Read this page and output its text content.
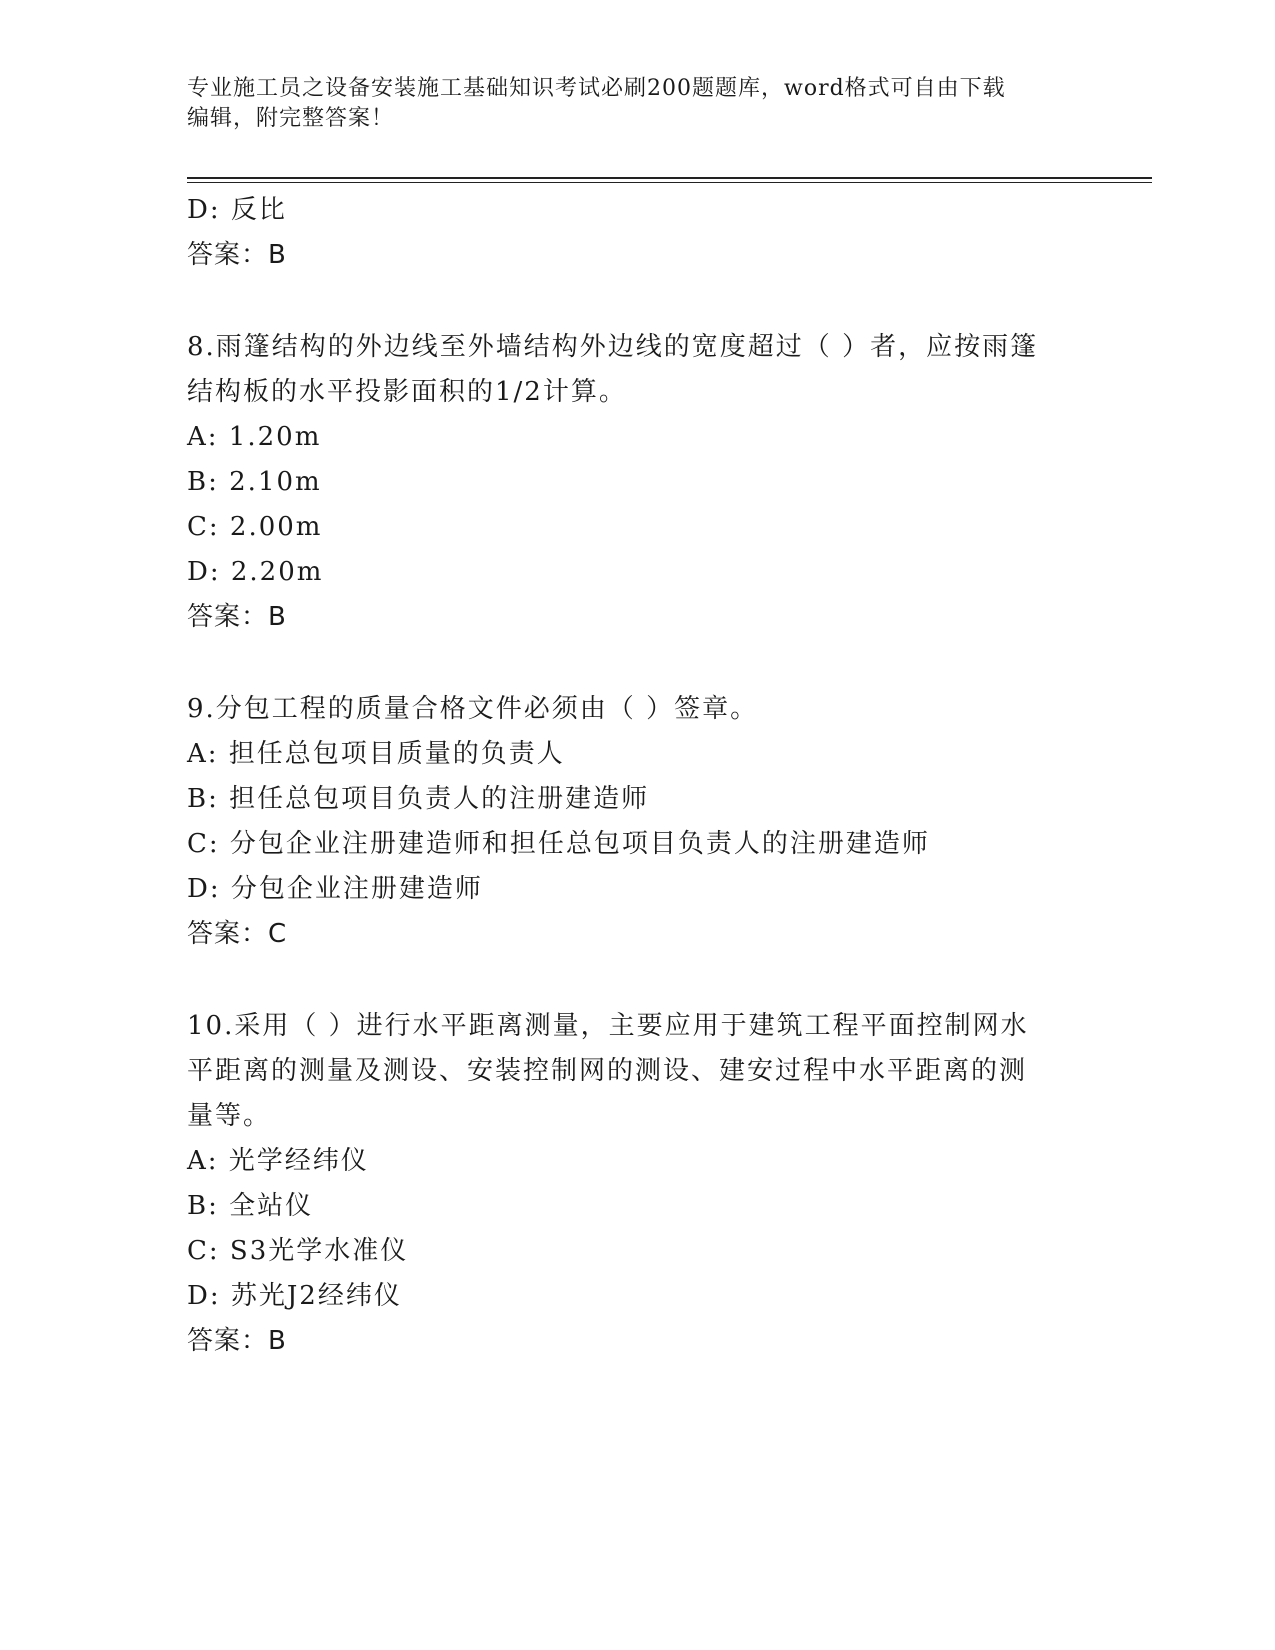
专业施工员之设备安装施工基础知识考试必刷200题题库，word格式可自由下载
编辑，附完整答案！
D: 反比
答案：B
8.雨篷结构的外边线至外墙结构外边线的宽度超过（ ）者，应按雨篷
结构板的水平投影面积的1/2计算。
A: 1.20m
B: 2.10m
C: 2.00m
D: 2.20m
答案：B
9.分包工程的质量合格文件必须由（ ）签章。
A: 担任总包项目质量的负责人
B: 担任总包项目负责人的注册建造师
C: 分包企业注册建造师和担任总包项目负责人的注册建造师
D: 分包企业注册建造师
答案：C
10.采用（ ）进行水平距离测量，主要应用于建筑工程平面控制网水
平距离的测量及测设、安装控制网的测设、建安过程中水平距离的测
量等。
A: 光学经纬仪
B: 全站仪
C: S3光学水准仪
D: 苏光J2经纬仪
答案：B
